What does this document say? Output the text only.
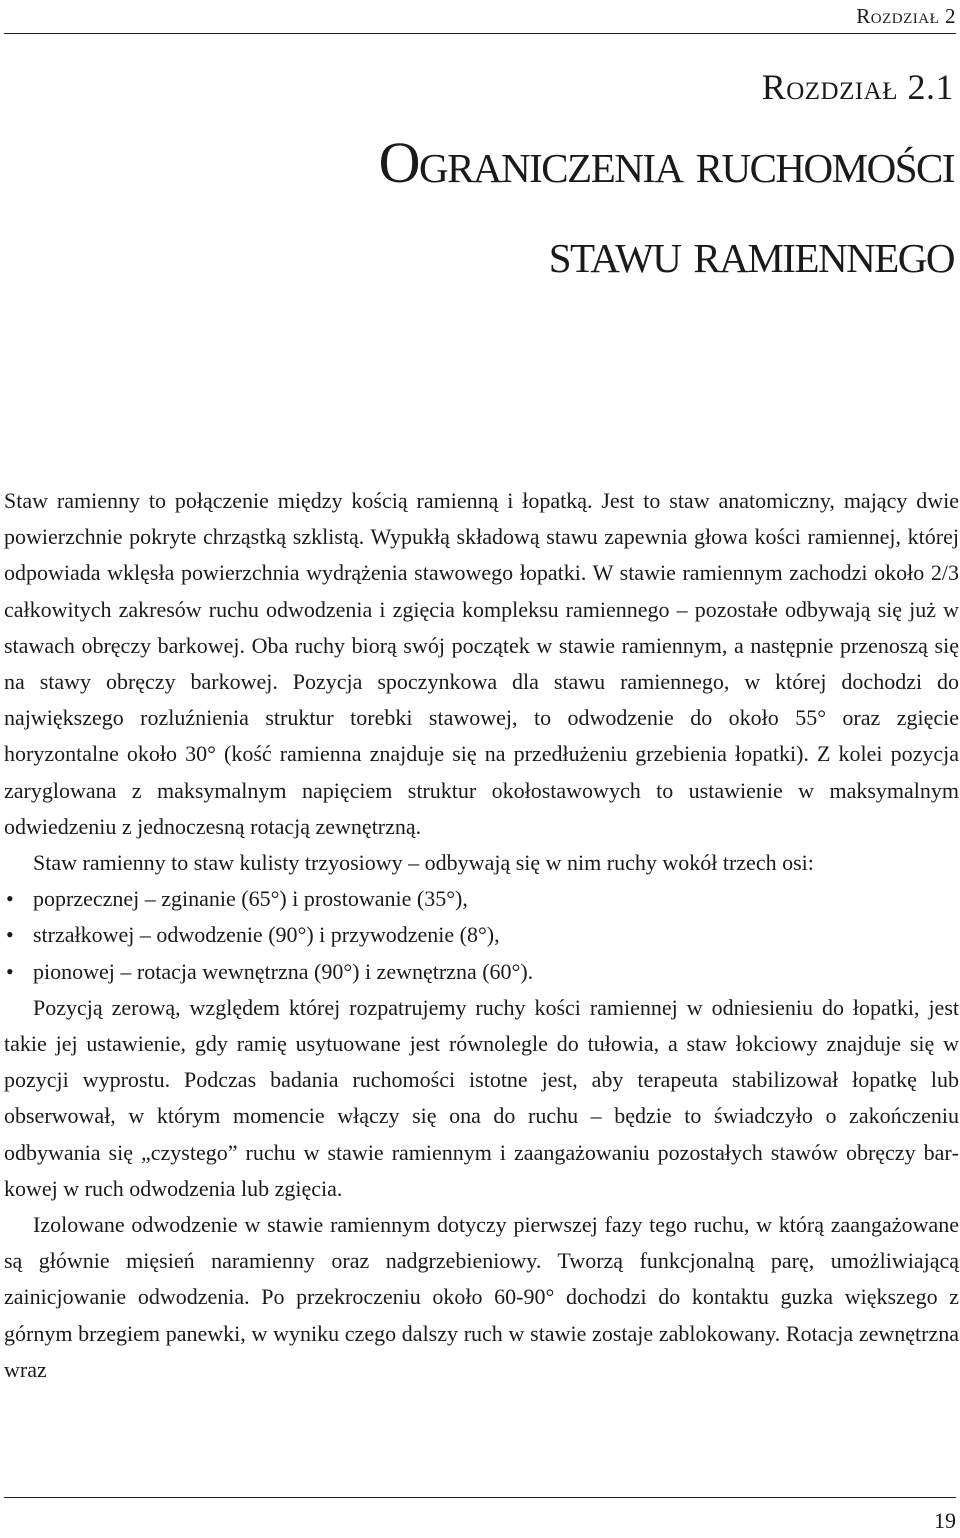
Rozdział 2
Rozdział 2.1
Ograniczenia ruchomości
stawu ramiennego

Staw ramienny to połączenie między kością ramienną i łopatką. Jest to staw anatomiczny, mający dwie powierzchnie pokryte chrząstką szklistą. Wypukłą składową stawu zapewnia głowa kości ramiennej, której odpowiada wklęsła powierzchnia wydrążenia stawowego łopatki. W stawie ramiennym zachodzi około 2/3 całkowitych zakresów ruchu odwodzenia i zgięcia kompleksu ramiennego – pozostałe odbywają się już w stawach obręczy barkowej. Oba ruchy biorą swój początek w stawie ramiennym, a następnie przenoszą się na stawy obręczy barkowej. Pozycja spoczynkowa dla stawu ramiennego, w której dochodzi do największego rozluźnienia struktur torebki stawowej, to odwodzenie do około 55° oraz zgięcie horyzontalne około 30° (kość ramienna znajduje się na przedłużeniu grzebienia łopatki). Z kolei pozycja zaryglowana z maksymalnym napięciem struktur okołostawowych to ustawienie w maksymalnym odwiedzeniu z jednoczesną rotacją zewnętrzną.

Staw ramienny to staw kulisty trzyosiowy – odbywają się w nim ruchy wokół trzech osi:

• poprzecznej – zginanie (65°) i prostowanie (35°),
• strzałkowej – odwodzenie (90°) i przywodzenie (8°),
• pionowej – rotacja wewnętrzna (90°) i zewnętrzna (60°).

Pozycją zerową, względem której rozpatrujemy ruchy kości ramiennej w odniesieniu do łopatki, jest takie jej ustawienie, gdy ramię usytuowane jest równolegle do tułowia, a staw łokciowy znajduje się w pozycji wyprostu. Podczas badania ruchomości istotne jest, aby terapeuta stabilizował łopatkę lub obserwował, w którym momencie włączy się ona do ruchu – będzie to świadczyło o zakończeniu odbywania się „czystego” ruchu w stawie ramiennym i zaangażowaniu pozostałych stawów obręczy barkowej w ruch odwodzenia lub zgięcia.

Izolowane odwodzenie w stawie ramiennym dotyczy pierwszej fazy tego ruchu, w którą zaangażowane są głównie mięsień naramienny oraz nadgrzebieniowy. Tworzą funkcjonalną parę, umożliwiającą zainicjowanie odwodzenia. Po przekroczeniu około 60-90° dochodzi do kontaktu guzka większego z górnym brzegiem panewki, w wyniku czego dalszy ruch w stawie zostaje zablokowany. Rotacja zewnętrzna wraz

19
